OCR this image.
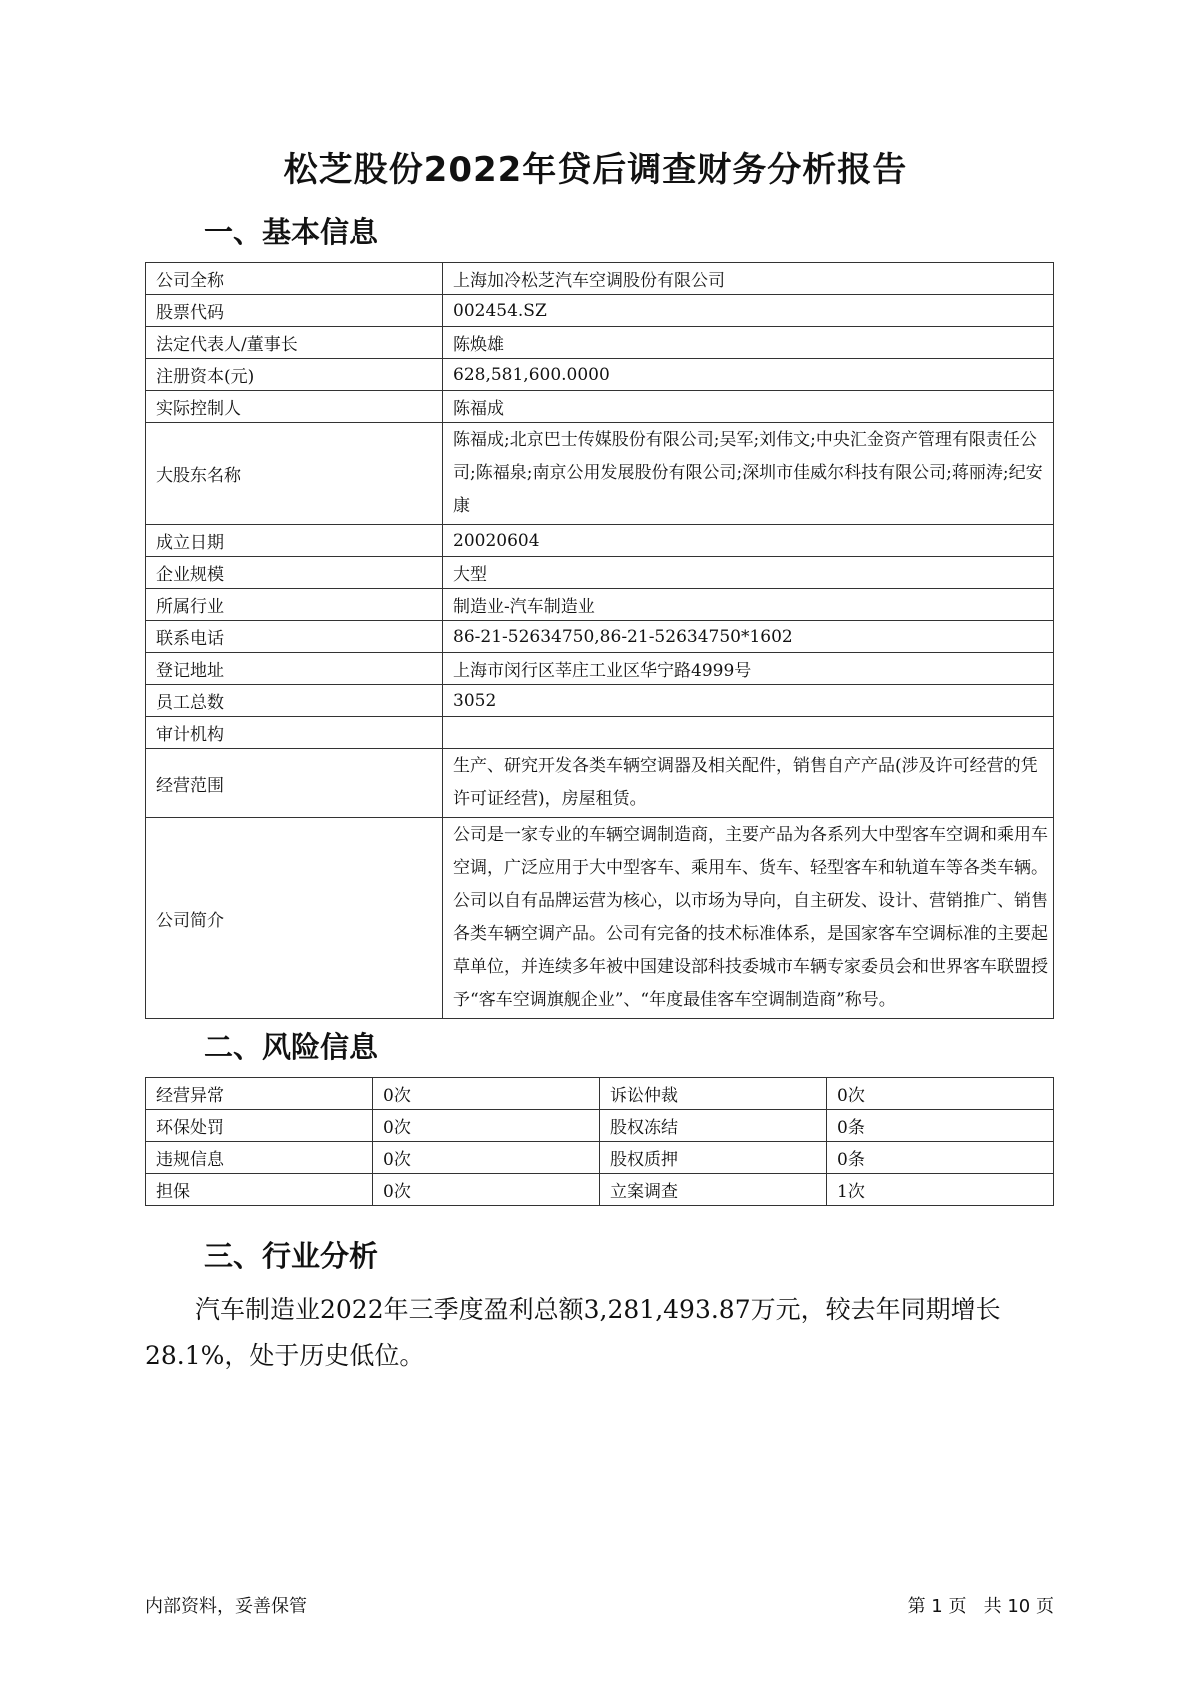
松芝股份2022年贷后调查财务分析报告
一、基本信息
公司全称	上海加冷松芝汽车空调股份有限公司
股票代码	002454.SZ
法定代表人/董事长	陈焕雄
注册资本(元)	628,581,600.0000
实际控制人	陈福成
大股东名称	陈福成;北京巴士传媒股份有限公司;吴军;刘伟文;中央汇金资产管理有限责任公司;陈福泉;南京公用发展股份有限公司;深圳市佳威尔科技有限公司;蒋丽涛;纪安康
成立日期	20020604
企业规模	大型
所属行业	制造业-汽车制造业
联系电话	86-21-52634750,86-21-52634750*1602
登记地址	上海市闵行区莘庄工业区华宁路4999号
员工总数	3052
审计机构	
经营范围	生产、研究开发各类车辆空调器及相关配件，销售自产产品(涉及许可经营的凭许可证经营)，房屋租赁。
公司简介	公司是一家专业的车辆空调制造商，主要产品为各系列大中型客车空调和乘用车空调，广泛应用于大中型客车、乘用车、货车、轻型客车和轨道车等各类车辆。公司以自有品牌运营为核心，以市场为导向，自主研发、设计、营销推广、销售各类车辆空调产品。公司有完备的技术标准体系，是国家客车空调标准的主要起草单位，并连续多年被中国建设部科技委城市车辆专家委员会和世界客车联盟授予“客车空调旗舰企业”、“年度最佳客车空调制造商”称号。
二、风险信息
经营异常	0次	诉讼仲裁	0次
环保处罚	0次	股权冻结	0条
违规信息	0次	股权质押	0条
担保	0次	立案调查	1次
三、行业分析
汽车制造业2022年三季度盈利总额3,281,493.87万元，较去年同期增长28.1%，处于历史低位。
内部资料，妥善保管	第 1 页   共 10 页
